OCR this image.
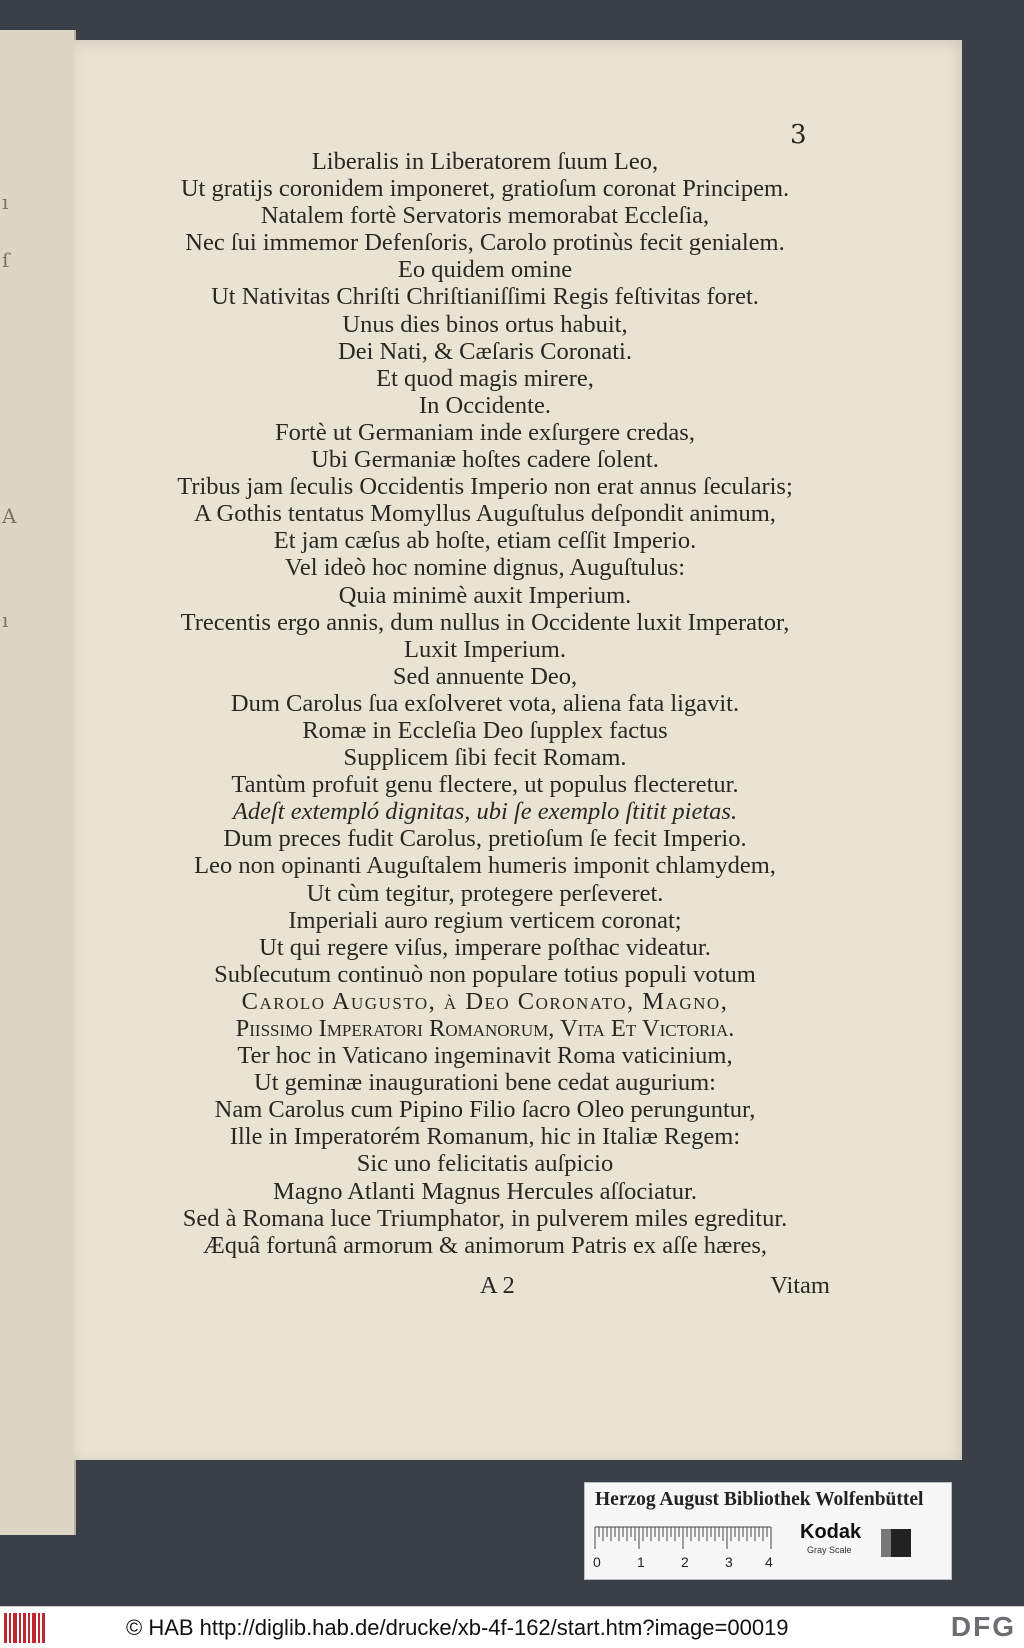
ı
ſ
A
ı
3
Liberalis in Liberatorem ſuum Leo,
Ut gratijs coronidem imponeret, gratioſum coronat Principem.
Natalem fortè Servatoris memorabat Eccleſia,
Nec ſui immemor Defenſoris, Carolo protinùs fecit genialem.
Eo quidem omine
Ut Nativitas Chriſti Chriſtianiſſimi Regis feſtivitas foret.
Unus dies binos ortus habuit,
Dei Nati, & Cæſaris Coronati.
Et quod magis mirere,
In Occidente.
Fortè ut Germaniam inde exſurgere credas,
Ubi Germaniæ hoſtes cadere ſolent.
Tribus jam ſeculis Occidentis Imperio non erat annus ſecularis;
A Gothis tentatus Momyllus Auguſtulus deſpondit animum,
Et jam cæſus ab hoſte, etiam ceſſit Imperio.
Vel ideò hoc nomine dignus, Auguſtulus:
Quia minimè auxit Imperium.
Trecentis ergo annis, dum nullus in Occidente luxit Imperator,
Luxit Imperium.
Sed annuente Deo,
Dum Carolus ſua exſolveret vota, aliena fata ligavit.
Romæ in Eccleſia Deo ſupplex factus
Supplicem ſibi fecit Romam.
Tantùm profuit genu flectere, ut populus flecteretur.
Adeſt extempló dignitas, ubi ſe exemplo ſtitit pietas.
Dum preces fudit Carolus, pretioſum ſe fecit Imperio.
Leo non opinanti Auguſtalem humeris imponit chlamydem,
Ut cùm tegitur, protegere perſeveret.
Imperiali auro regium verticem coronat;
Ut qui regere viſus, imperare poſthac videatur.
Subſecutum continuò non populare totius populi votum
Carolo Augusto, à Deo Coronato, Magno,
Piissimo Imperatori Romanorum, Vita Et Victoria.
Ter hoc in Vaticano ingeminavit Roma vaticinium,
Ut geminæ inaugurationi bene cedat augurium:
Nam Carolus cum Pipino Filio ſacro Oleo perunguntur,
Ille in Imperatorém Romanum, hic in Italiæ Regem:
Sic uno felicitatis auſpicio
Magno Atlanti Magnus Hercules aſſociatur.
Sed à Romana luce Triumphator, in pulverem miles egreditur.
Æquâ fortunâ armorum & animorum Patris ex aſſe hæres,
A 2	Vitam
Herzog August Bibliothek Wolfenbüttel
0	1	2	3 4
Kodak
Gray Scale
© HAB http://diglib.hab.de/drucke/xb-4f-162/start.htm?image=00019	DFG
